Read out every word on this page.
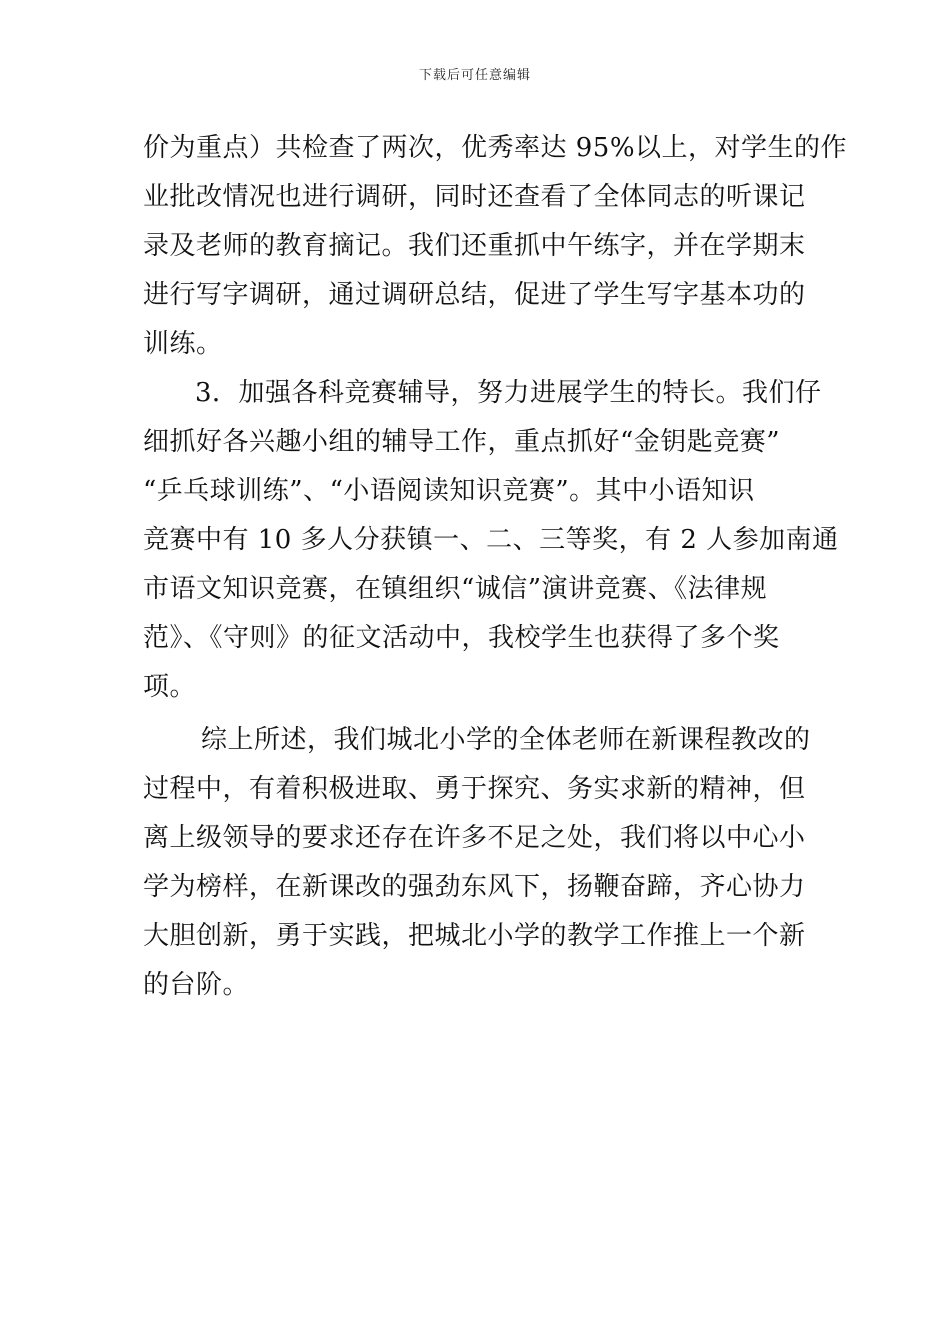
下载后可任意编辑
价为重点）共检查了两次，优秀率达 95%以上，对学生的作
业批改情况也进行调研，同时还查看了全体同志的听课记
录及老师的教育摘记。我们还重抓中午练字，并在学期末
进行写字调研，通过调研总结，促进了学生写字基本功的
训练。
3．加强各科竞赛辅导，努力进展学生的特长。我们仔
细抓好各兴趣小组的辅导工作，重点抓好“金钥匙竞赛”
“乒乓球训练”、“小语阅读知识竞赛”。其中小语知识
竞赛中有 10 多人分获镇一、二、三等奖，有 2 人参加南通
市语文知识竞赛，在镇组织“诚信”演讲竞赛、《法律规
范》、《守则》的征文活动中，我校学生也获得了多个奖
项。
综上所述，我们城北小学的全体老师在新课程教改的
过程中，有着积极进取、勇于探究、务实求新的精神，但
离上级领导的要求还存在许多不足之处，我们将以中心小
学为榜样，在新课改的强劲东风下，扬鞭奋蹄，齐心协力
大胆创新，勇于实践，把城北小学的教学工作推上一个新
的台阶。
